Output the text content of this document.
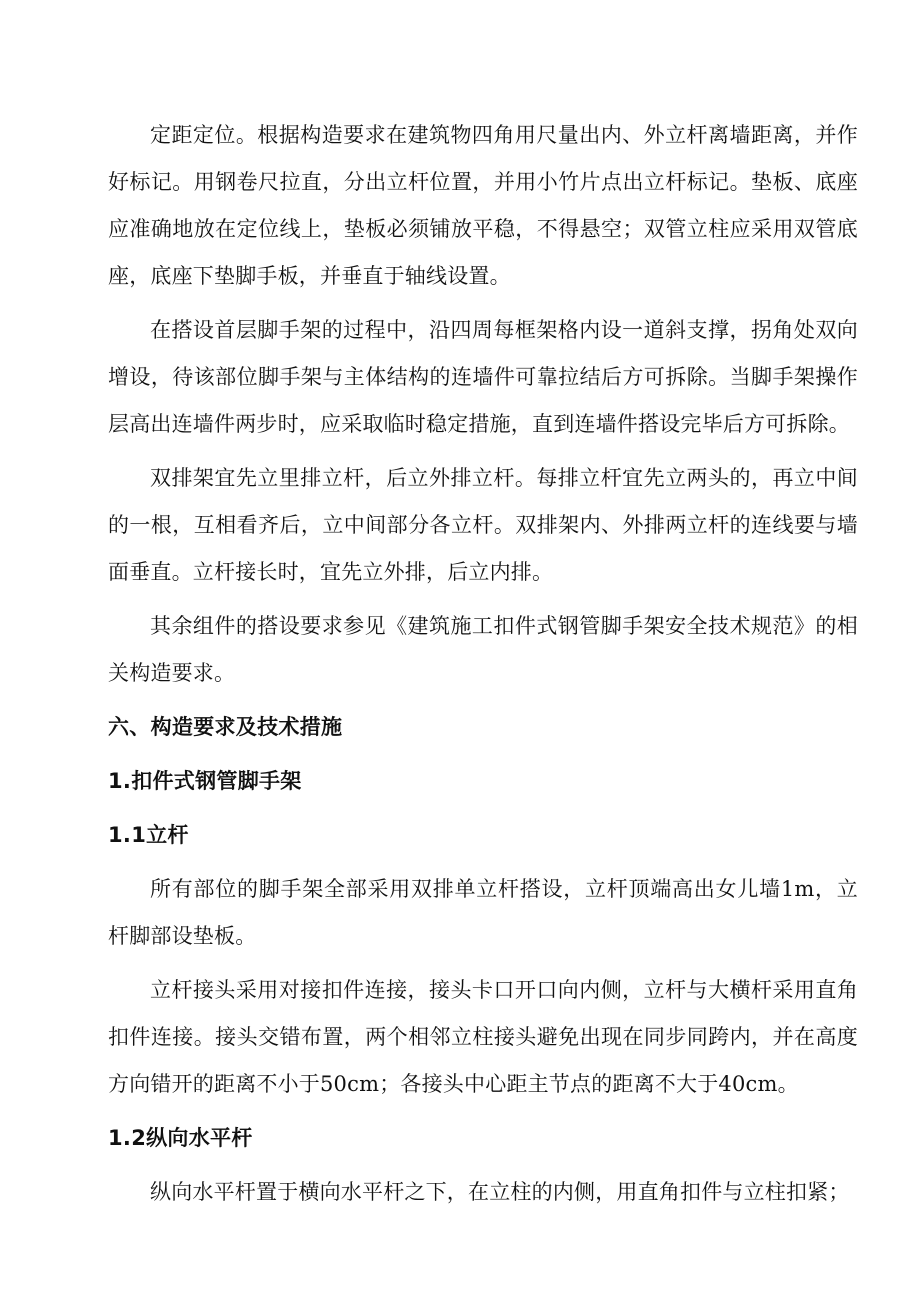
定距定位。根据构造要求在建筑物四角用尺量出内、外立杆离墙距离，并作好标记。用钢卷尺拉直，分出立杆位置，并用小竹片点出立杆标记。垫板、底座应准确地放在定位线上，垫板必须铺放平稳，不得悬空；双管立柱应采用双管底座，底座下垫脚手板，并垂直于轴线设置。

在搭设首层脚手架的过程中，沿四周每框架格内设一道斜支撑，拐角处双向增设，待该部位脚手架与主体结构的连墙件可靠拉结后方可拆除。当脚手架操作层高出连墙件两步时，应采取临时稳定措施，直到连墙件搭设完毕后方可拆除。

双排架宜先立里排立杆，后立外排立杆。每排立杆宜先立两头的，再立中间的一根，互相看齐后，立中间部分各立杆。双排架内、外排两立杆的连线要与墙面垂直。立杆接长时，宜先立外排，后立内排。

其余组件的搭设要求参见《建筑施工扣件式钢管脚手架安全技术规范》的相关构造要求。

六、构造要求及技术措施
1.扣件式钢管脚手架
1.1立杆

所有部位的脚手架全部采用双排单立杆搭设，立杆顶端高出女儿墙1m，立杆脚部设垫板。

立杆接头采用对接扣件连接，接头卡口开口向内侧，立杆与大横杆采用直角扣件连接。接头交错布置，两个相邻立柱接头避免出现在同步同跨内，并在高度方向错开的距离不小于50cm；各接头中心距主节点的距离不大于40cm。

1.2纵向水平杆

纵向水平杆置于横向水平杆之下，在立柱的内侧，用直角扣件与立柱扣紧；
